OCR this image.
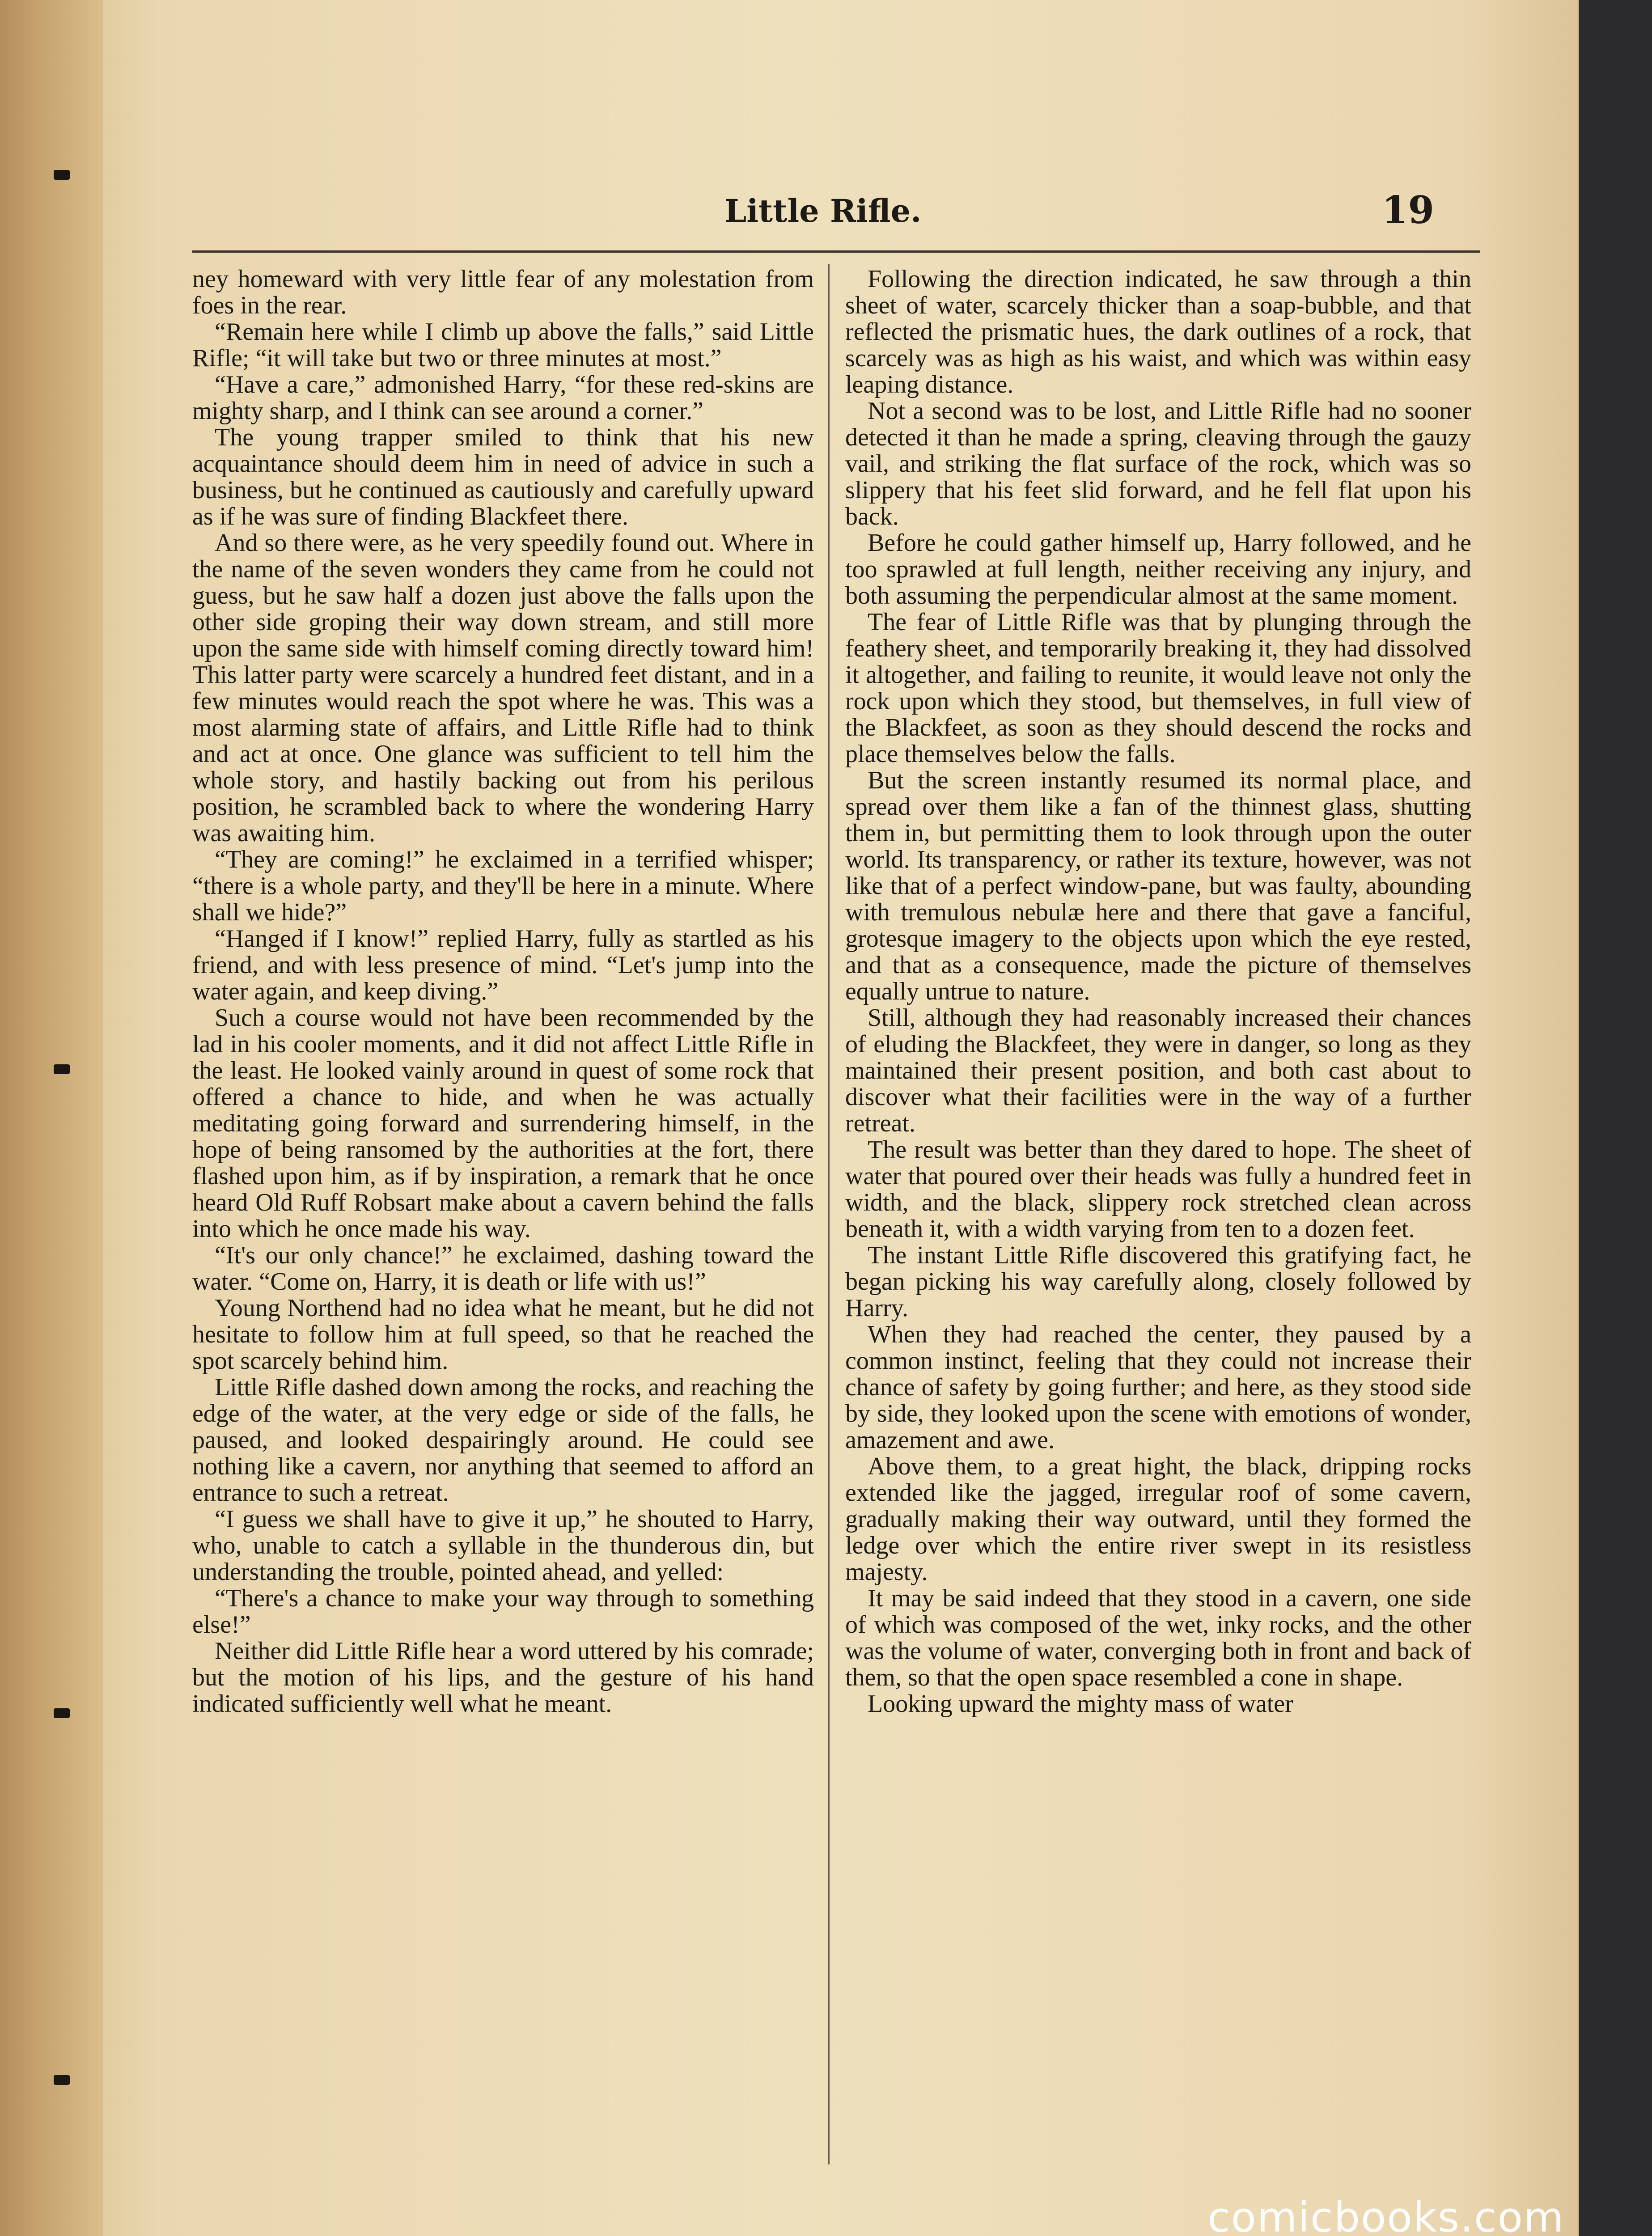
Little Rifle.	19

ney homeward with very little fear of any molestation from foes in the rear.

“Remain here while I climb up above the falls,” said Little Rifle; “it will take but two or three minutes at most.”

“Have a care,” admonished Harry, “for these red-skins are mighty sharp, and I think can see around a corner.”

The young trapper smiled to think that his new acquaintance should deem him in need of advice in such a business, but he continued as cautiously and carefully upward as if he was sure of finding Blackfeet there.

And so there were, as he very speedily found out. Where in the name of the seven wonders they came from he could not guess, but he saw half a dozen just above the falls upon the other side groping their way down stream, and still more upon the same side with himself coming directly toward him! This latter party were scarcely a hundred feet distant, and in a few minutes would reach the spot where he was. This was a most alarming state of affairs, and Little Rifle had to think and act at once. One glance was sufficient to tell him the whole story, and hastily backing out from his perilous position, he scrambled back to where the wondering Harry was awaiting him.

“They are coming!” he exclaimed in a terrified whisper; “there is a whole party, and they'll be here in a minute. Where shall we hide?”

“Hanged if I know!” replied Harry, fully as startled as his friend, and with less presence of mind. “Let's jump into the water again, and keep diving.”

Such a course would not have been recommended by the lad in his cooler moments, and it did not affect Little Rifle in the least. He looked vainly around in quest of some rock that offered a chance to hide, and when he was actually meditating going forward and surrendering himself, in the hope of being ransomed by the authorities at the fort, there flashed upon him, as if by inspiration, a remark that he once heard Old Ruff Robsart make about a cavern behind the falls into which he once made his way.

“It's our only chance!” he exclaimed, dashing toward the water. “Come on, Harry, it is death or life with us!”

Young Northend had no idea what he meant, but he did not hesitate to follow him at full speed, so that he reached the spot scarcely behind him.

Little Rifle dashed down among the rocks, and reaching the edge of the water, at the very edge or side of the falls, he paused, and looked despairingly around. He could see nothing like a cavern, nor anything that seemed to afford an entrance to such a retreat.

“I guess we shall have to give it up,” he shouted to Harry, who, unable to catch a syllable in the thunderous din, but understanding the trouble, pointed ahead, and yelled:

“There's a chance to make your way through to something else!”

Neither did Little Rifle hear a word uttered by his comrade; but the motion of his lips, and the gesture of his hand indicated sufficiently well what he meant.

Following the direction indicated, he saw through a thin sheet of water, scarcely thicker than a soap-bubble, and that reflected the prismatic hues, the dark outlines of a rock, that scarcely was as high as his waist, and which was within easy leaping distance.

Not a second was to be lost, and Little Rifle had no sooner detected it than he made a spring, cleaving through the gauzy vail, and striking the flat surface of the rock, which was so slippery that his feet slid forward, and he fell flat upon his back.

Before he could gather himself up, Harry followed, and he too sprawled at full length, neither receiving any injury, and both assuming the perpendicular almost at the same moment.

The fear of Little Rifle was that by plunging through the feathery sheet, and temporarily breaking it, they had dissolved it altogether, and failing to reunite, it would leave not only the rock upon which they stood, but themselves, in full view of the Blackfeet, as soon as they should descend the rocks and place themselves below the falls.

But the screen instantly resumed its normal place, and spread over them like a fan of the thinnest glass, shutting them in, but permitting them to look through upon the outer world. Its transparency, or rather its texture, however, was not like that of a perfect window-pane, but was faulty, abounding with tremulous nebulæ here and there that gave a fanciful, grotesque imagery to the objects upon which the eye rested, and that as a consequence, made the picture of themselves equally untrue to nature.

Still, although they had reasonably increased their chances of eluding the Blackfeet, they were in danger, so long as they maintained their present position, and both cast about to discover what their facilities were in the way of a further retreat.

The result was better than they dared to hope. The sheet of water that poured over their heads was fully a hundred feet in width, and the black, slippery rock stretched clean across beneath it, with a width varying from ten to a dozen feet.

The instant Little Rifle discovered this gratifying fact, he began picking his way carefully along, closely followed by Harry.

When they had reached the center, they paused by a common instinct, feeling that they could not increase their chance of safety by going further; and here, as they stood side by side, they looked upon the scene with emotions of wonder, amazement and awe.

Above them, to a great hight, the black, dripping rocks extended like the jagged, irregular roof of some cavern, gradually making their way outward, until they formed the ledge over which the entire river swept in its resistless majesty.

It may be said indeed that they stood in a cavern, one side of which was composed of the wet, inky rocks, and the other was the volume of water, converging both in front and back of them, so that the open space resembled a cone in shape.

Looking upward the mighty mass of water

comicbooks.com
